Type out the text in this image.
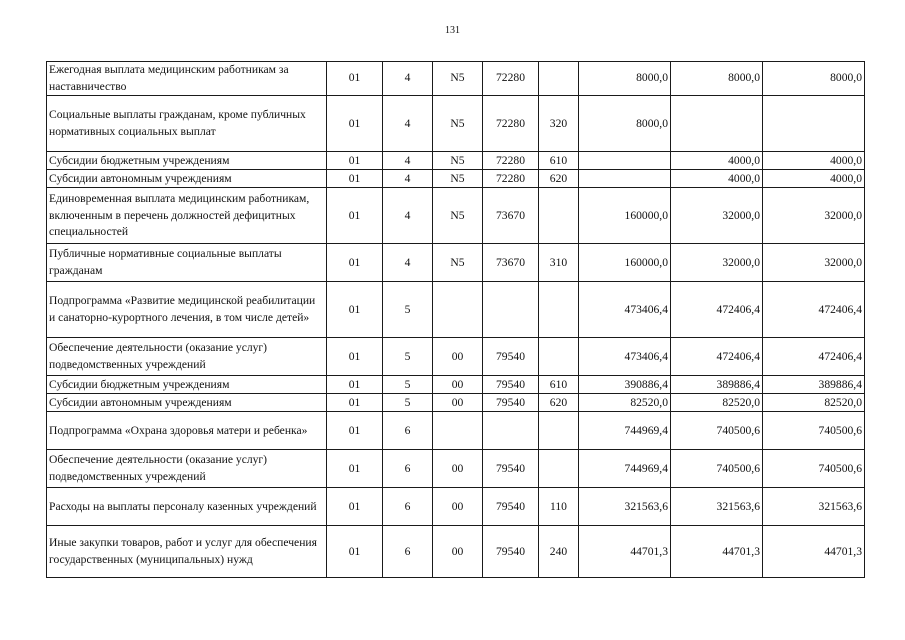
131
Ежегодная выплата медицинским работникам за наставничество	01	4	N5	72280		8000,0	8000,0	8000,0
Социальные выплаты гражданам, кроме публичных нормативных социальных выплат	01	4	N5	72280	320	8000,0		
Субсидии бюджетным учреждениям	01	4	N5	72280	610		4000,0	4000,0
Субсидии автономным учреждениям	01	4	N5	72280	620		4000,0	4000,0
Единовременная выплата медицинским работникам, включенным в перечень должностей дефицитных специальностей	01	4	N5	73670		160000,0	32000,0	32000,0
Публичные нормативные социальные выплаты гражданам	01	4	N5	73670	310	160000,0	32000,0	32000,0
Подпрограмма «Развитие медицинской реабилитации и санаторно-курортного лечения, в том числе детей»	01	5				473406,4	472406,4	472406,4
Обеспечение деятельности (оказание услуг) подведомственных учреждений	01	5	00	79540		473406,4	472406,4	472406,4
Субсидии бюджетным учреждениям	01	5	00	79540	610	390886,4	389886,4	389886,4
Субсидии автономным учреждениям	01	5	00	79540	620	82520,0	82520,0	82520,0
Подпрограмма «Охрана здоровья матери и ребенка»	01	6				744969,4	740500,6	740500,6
Обеспечение деятельности (оказание услуг) подведомственных учреждений	01	6	00	79540		744969,4	740500,6	740500,6
Расходы на выплаты персоналу казенных учреждений	01	6	00	79540	110	321563,6	321563,6	321563,6
Иные закупки товаров, работ и услуг для обеспечения государственных (муниципальных) нужд	01	6	00	79540	240	44701,3	44701,3	44701,3
